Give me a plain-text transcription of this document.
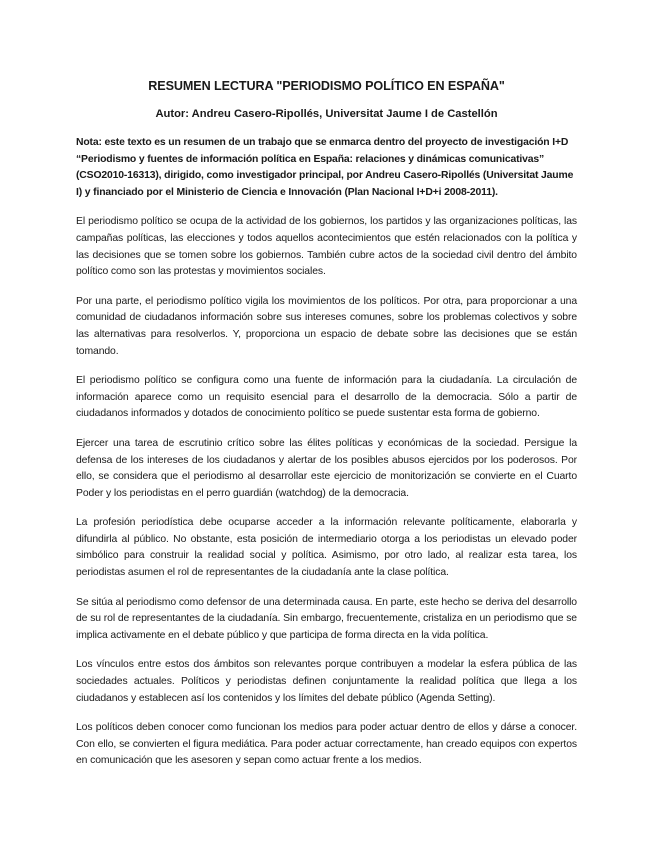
RESUMEN LECTURA "PERIODISMO POLÍTICO EN ESPAÑA"

Autor: Andreu Casero-Ripollés, Universitat Jaume I de Castellón

Nota: este texto es un resumen de un trabajo que se enmarca dentro del proyecto de investigación I+D “Periodismo y fuentes de información política en España: relaciones y dinámicas comunicativas” (CSO2010-16313), dirigido, como investigador principal, por Andreu Casero-Ripollés (Universitat Jaume I) y financiado por el Ministerio de Ciencia e Innovación (Plan Nacional I+D+i 2008-2011).

El periodismo político se ocupa de la actividad de los gobiernos, los partidos y las organizaciones políticas, las campañas políticas, las elecciones y todos aquellos acontecimientos que estén relacionados con la política y las decisiones que se tomen sobre los gobiernos. También cubre actos de la sociedad civil dentro del ámbito político como son las protestas y movimientos sociales.

Por una parte, el periodismo político vigila los movimientos de los políticos. Por otra, para proporcionar a una comunidad de ciudadanos información sobre sus intereses comunes, sobre los problemas colectivos y sobre las alternativas para resolverlos. Y, proporciona un espacio de debate sobre las decisiones que se están tomando.

El periodismo político se configura como una fuente de información para la ciudadanía. La circulación de información aparece como un requisito esencial para el desarrollo de la democracia. Sólo a partir de ciudadanos informados y dotados de conocimiento político se puede sustentar esta forma de gobierno.

Ejercer una tarea de escrutinio crítico sobre las élites políticas y económicas de la sociedad. Persigue la defensa de los intereses de los ciudadanos y alertar de los posibles abusos ejercidos por los poderosos. Por ello, se considera que el periodismo al desarrollar este ejercicio de monitorización se convierte en el Cuarto Poder y los periodistas en el perro guardián (watchdog) de la democracia.

La profesión periodística debe ocuparse acceder a la información relevante políticamente, elaborarla y difundirla al público. No obstante, esta posición de intermediario otorga a los periodistas un elevado poder simbólico para construir la realidad social y política. Asimismo, por otro lado, al realizar esta tarea, los periodistas asumen el rol de representantes de la ciudadanía ante la clase política.

Se sitúa al periodismo como defensor de una determinada causa. En parte, este hecho se deriva del desarrollo de su rol de representantes de la ciudadanía. Sin embargo, frecuentemente, cristaliza en un periodismo que se implica activamente en el debate público y que participa de forma directa en la vida política.

Los vínculos entre estos dos ámbitos son relevantes porque contribuyen a modelar la esfera pública de las sociedades actuales. Políticos y periodistas definen conjuntamente la realidad política que llega a los ciudadanos y establecen así los contenidos y los límites del debate público (Agenda Setting).

Los políticos deben conocer como funcionan los medios para poder actuar dentro de ellos y dárse a conocer. Con ello, se convierten el figura mediática. Para poder actuar correctamente, han creado equipos con expertos en comunicación que les asesoren y sepan como actuar frente a los medios.
